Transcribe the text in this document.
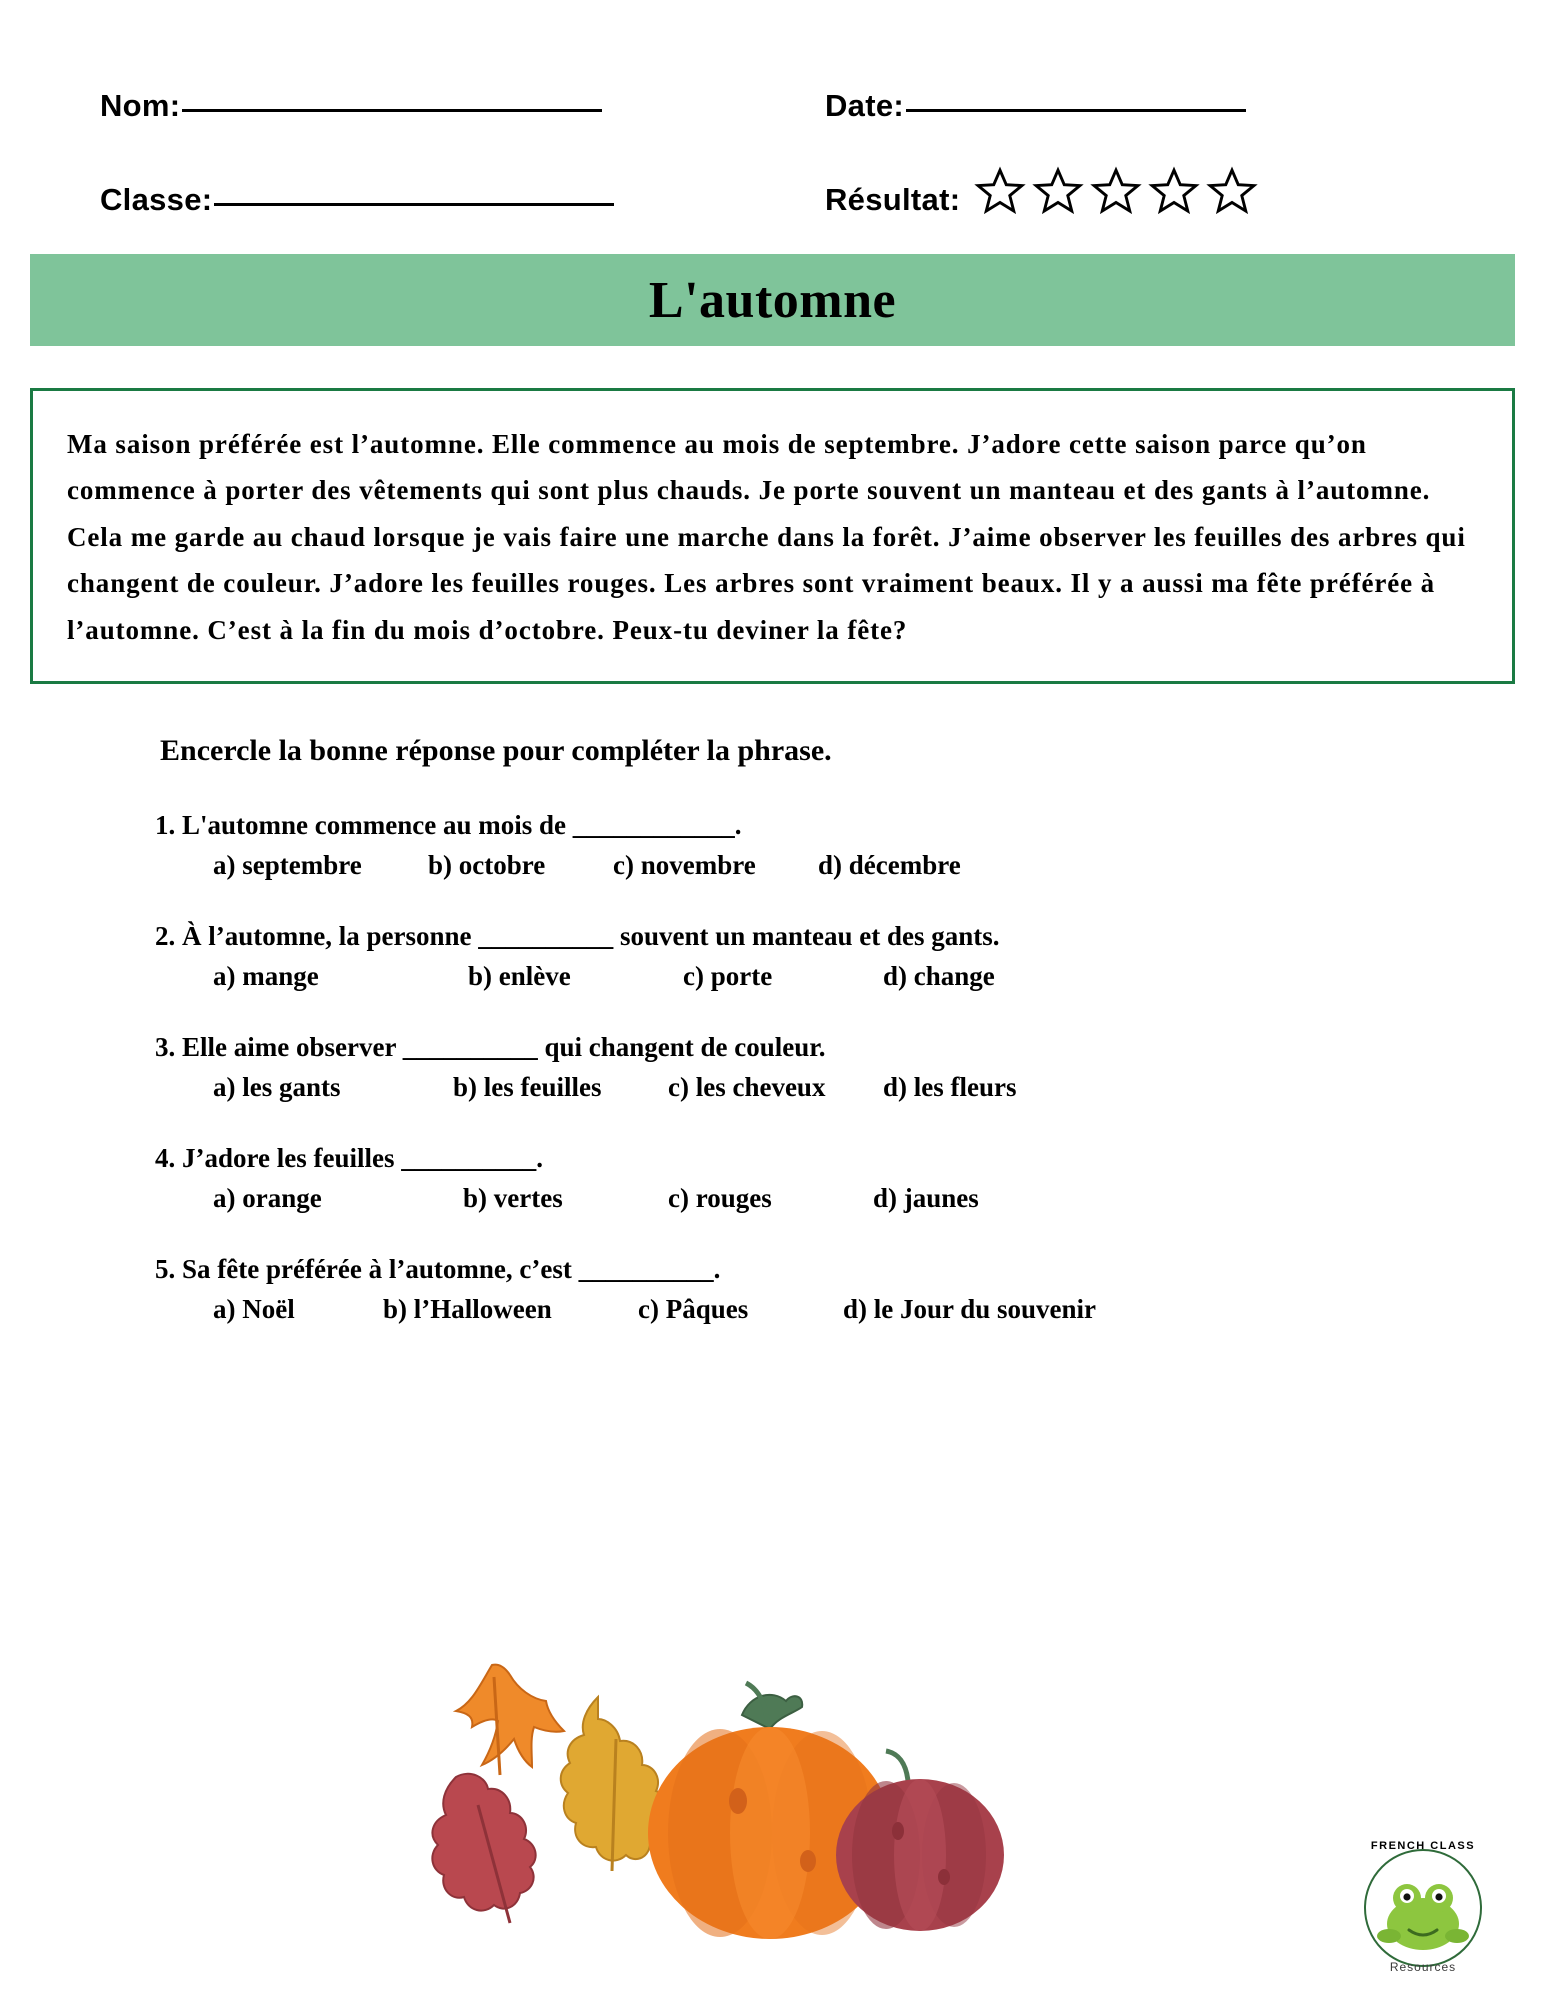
Nom:	Date:
Classe:	Résultat:
L'automne

Ma saison préférée est l’automne. Elle commence au mois de septembre. J’adore cette saison parce qu’on commence à porter des vêtements qui sont plus chauds. Je porte souvent un manteau et des gants à l’automne. Cela me garde au chaud lorsque je vais faire une marche dans la forêt. J’aime observer les feuilles des arbres qui changent de couleur. J’adore les feuilles rouges. Les arbres sont vraiment beaux. Il y a aussi ma fête préférée à l’automne. C’est à la fin du mois d’octobre. Peux-tu deviner la fête?

Encercle la bonne réponse pour compléter la phrase.
1. L'automne commence au mois de ____________.
a) septembre	b) octobre	c) novembre	d) décembre
2. À l’automne, la personne __________ souvent un manteau et des gants.
a) mange	b) enlève	c) porte	d) change
3. Elle aime observer __________ qui changent de couleur.
a) les gants	b) les feuilles	c) les cheveux	d) les fleurs
4. J’adore les feuilles __________.
a) orange	b) vertes	c) rouges	d) jaunes
5. Sa fête préférée à l’automne, c’est __________.
a) Noël	b) l’Halloween	c) Pâques	d) le Jour du souvenir
FRENCH CLASS
Resources
